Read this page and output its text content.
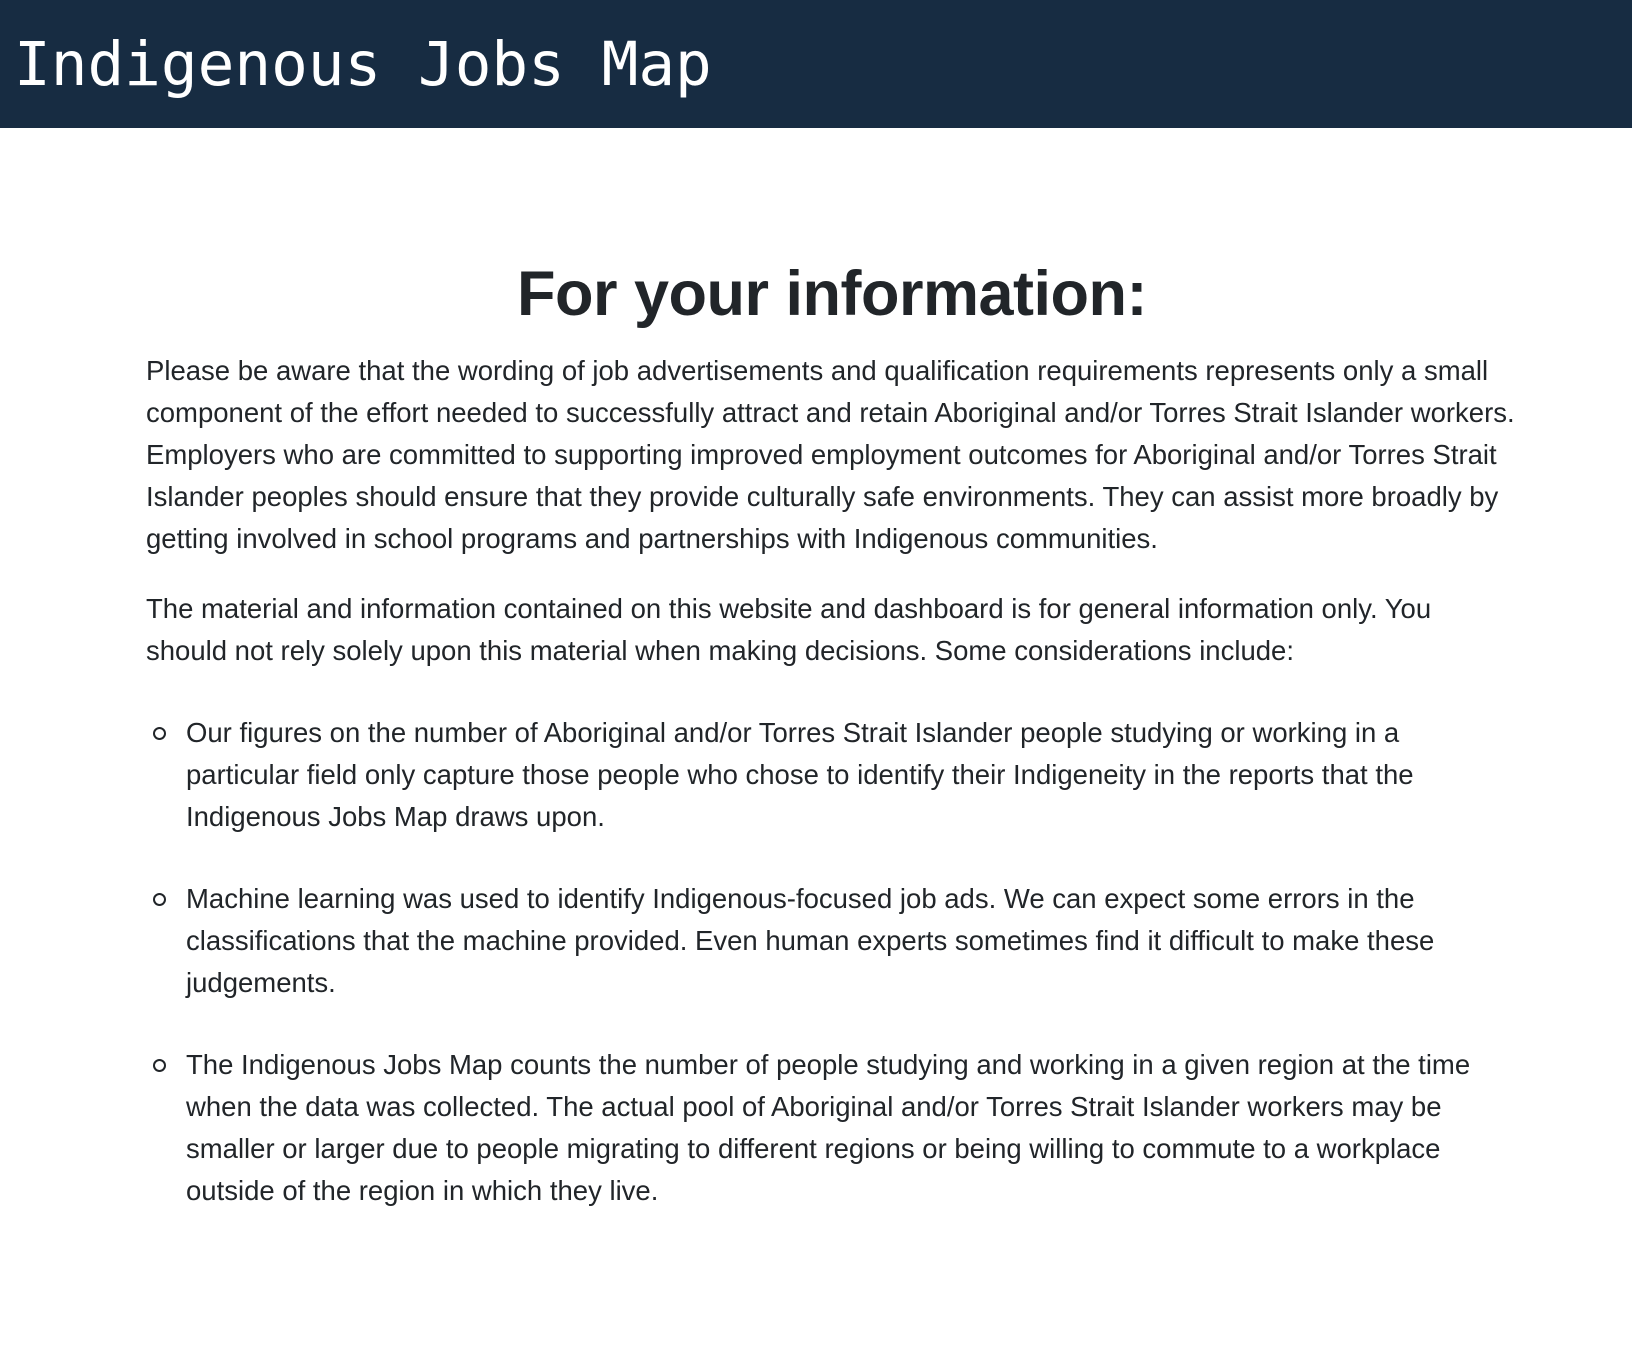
Indigenous Jobs Map
For your information:

Please be aware that the wording of job advertisements and qualification requirements represents only a small component of the effort needed to successfully attract and retain Aboriginal and/or Torres Strait Islander workers. Employers who are committed to supporting improved employment outcomes for Aboriginal and/or Torres Strait Islander peoples should ensure that they provide culturally safe environments. They can assist more broadly by getting involved in school programs and partnerships with Indigenous communities.

The material and information contained on this website and dashboard is for general information only. You should not rely solely upon this material when making decisions. Some considerations include:

Our figures on the number of Aboriginal and/or Torres Strait Islander people studying or working in a particular field only capture those people who chose to identify their Indigeneity in the reports that the Indigenous Jobs Map draws upon.
Machine learning was used to identify Indigenous-focused job ads. We can expect some errors in the classifications that the machine provided. Even human experts sometimes find it difficult to make these judgements.
The Indigenous Jobs Map counts the number of people studying and working in a given region at the time when the data was collected. The actual pool of Aboriginal and/or Torres Strait Islander workers may be smaller or larger due to people migrating to different regions or being willing to commute to a workplace outside of the region in which they live.
